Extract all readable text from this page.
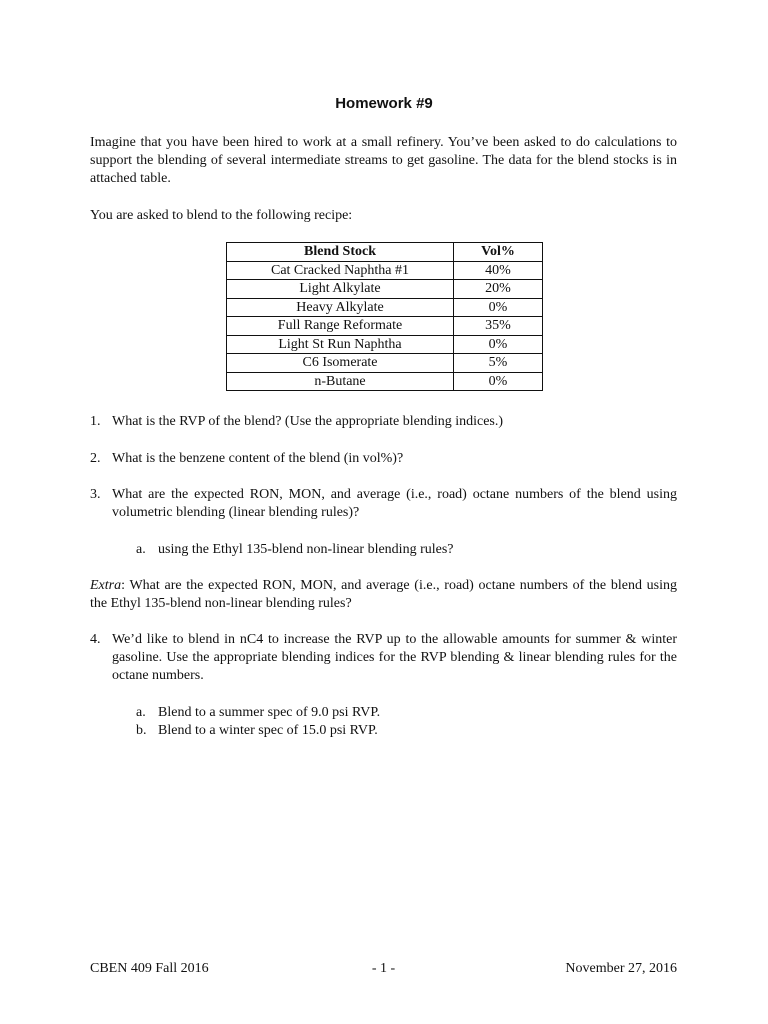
Homework #9
Imagine that you have been hired to work at a small refinery. You’ve been asked to do calculations to support the blending of several intermediate streams to get gasoline. The data for the blend stocks is in attached table.
You are asked to blend to the following recipe:
Blend Stock	Vol%
Cat Cracked Naphtha #1	40%
Light Alkylate	20%
Heavy Alkylate	0%
Full Range Reformate	35%
Light St Run Naphtha	0%
C6 Isomerate	5%
n-Butane	0%
1. What is the RVP of the blend? (Use the appropriate blending indices.)
2. What is the benzene content of the blend (in vol%)?
3. What are the expected RON, MON, and average (i.e., road) octane numbers of the blend using volumetric blending (linear blending rules)?
a. using the Ethyl 135-blend non-linear blending rules?
Extra: What are the expected RON, MON, and average (i.e., road) octane numbers of the blend using the Ethyl 135-blend non-linear blending rules?
4. We’d like to blend in nC4 to increase the RVP up to the allowable amounts for summer & winter gasoline. Use the appropriate blending indices for the RVP blending & linear blending rules for the octane numbers.
a. Blend to a summer spec of 9.0 psi RVP.
b. Blend to a winter spec of 15.0 psi RVP.
CBEN 409 Fall 2016	- 1 -	November 27, 2016
